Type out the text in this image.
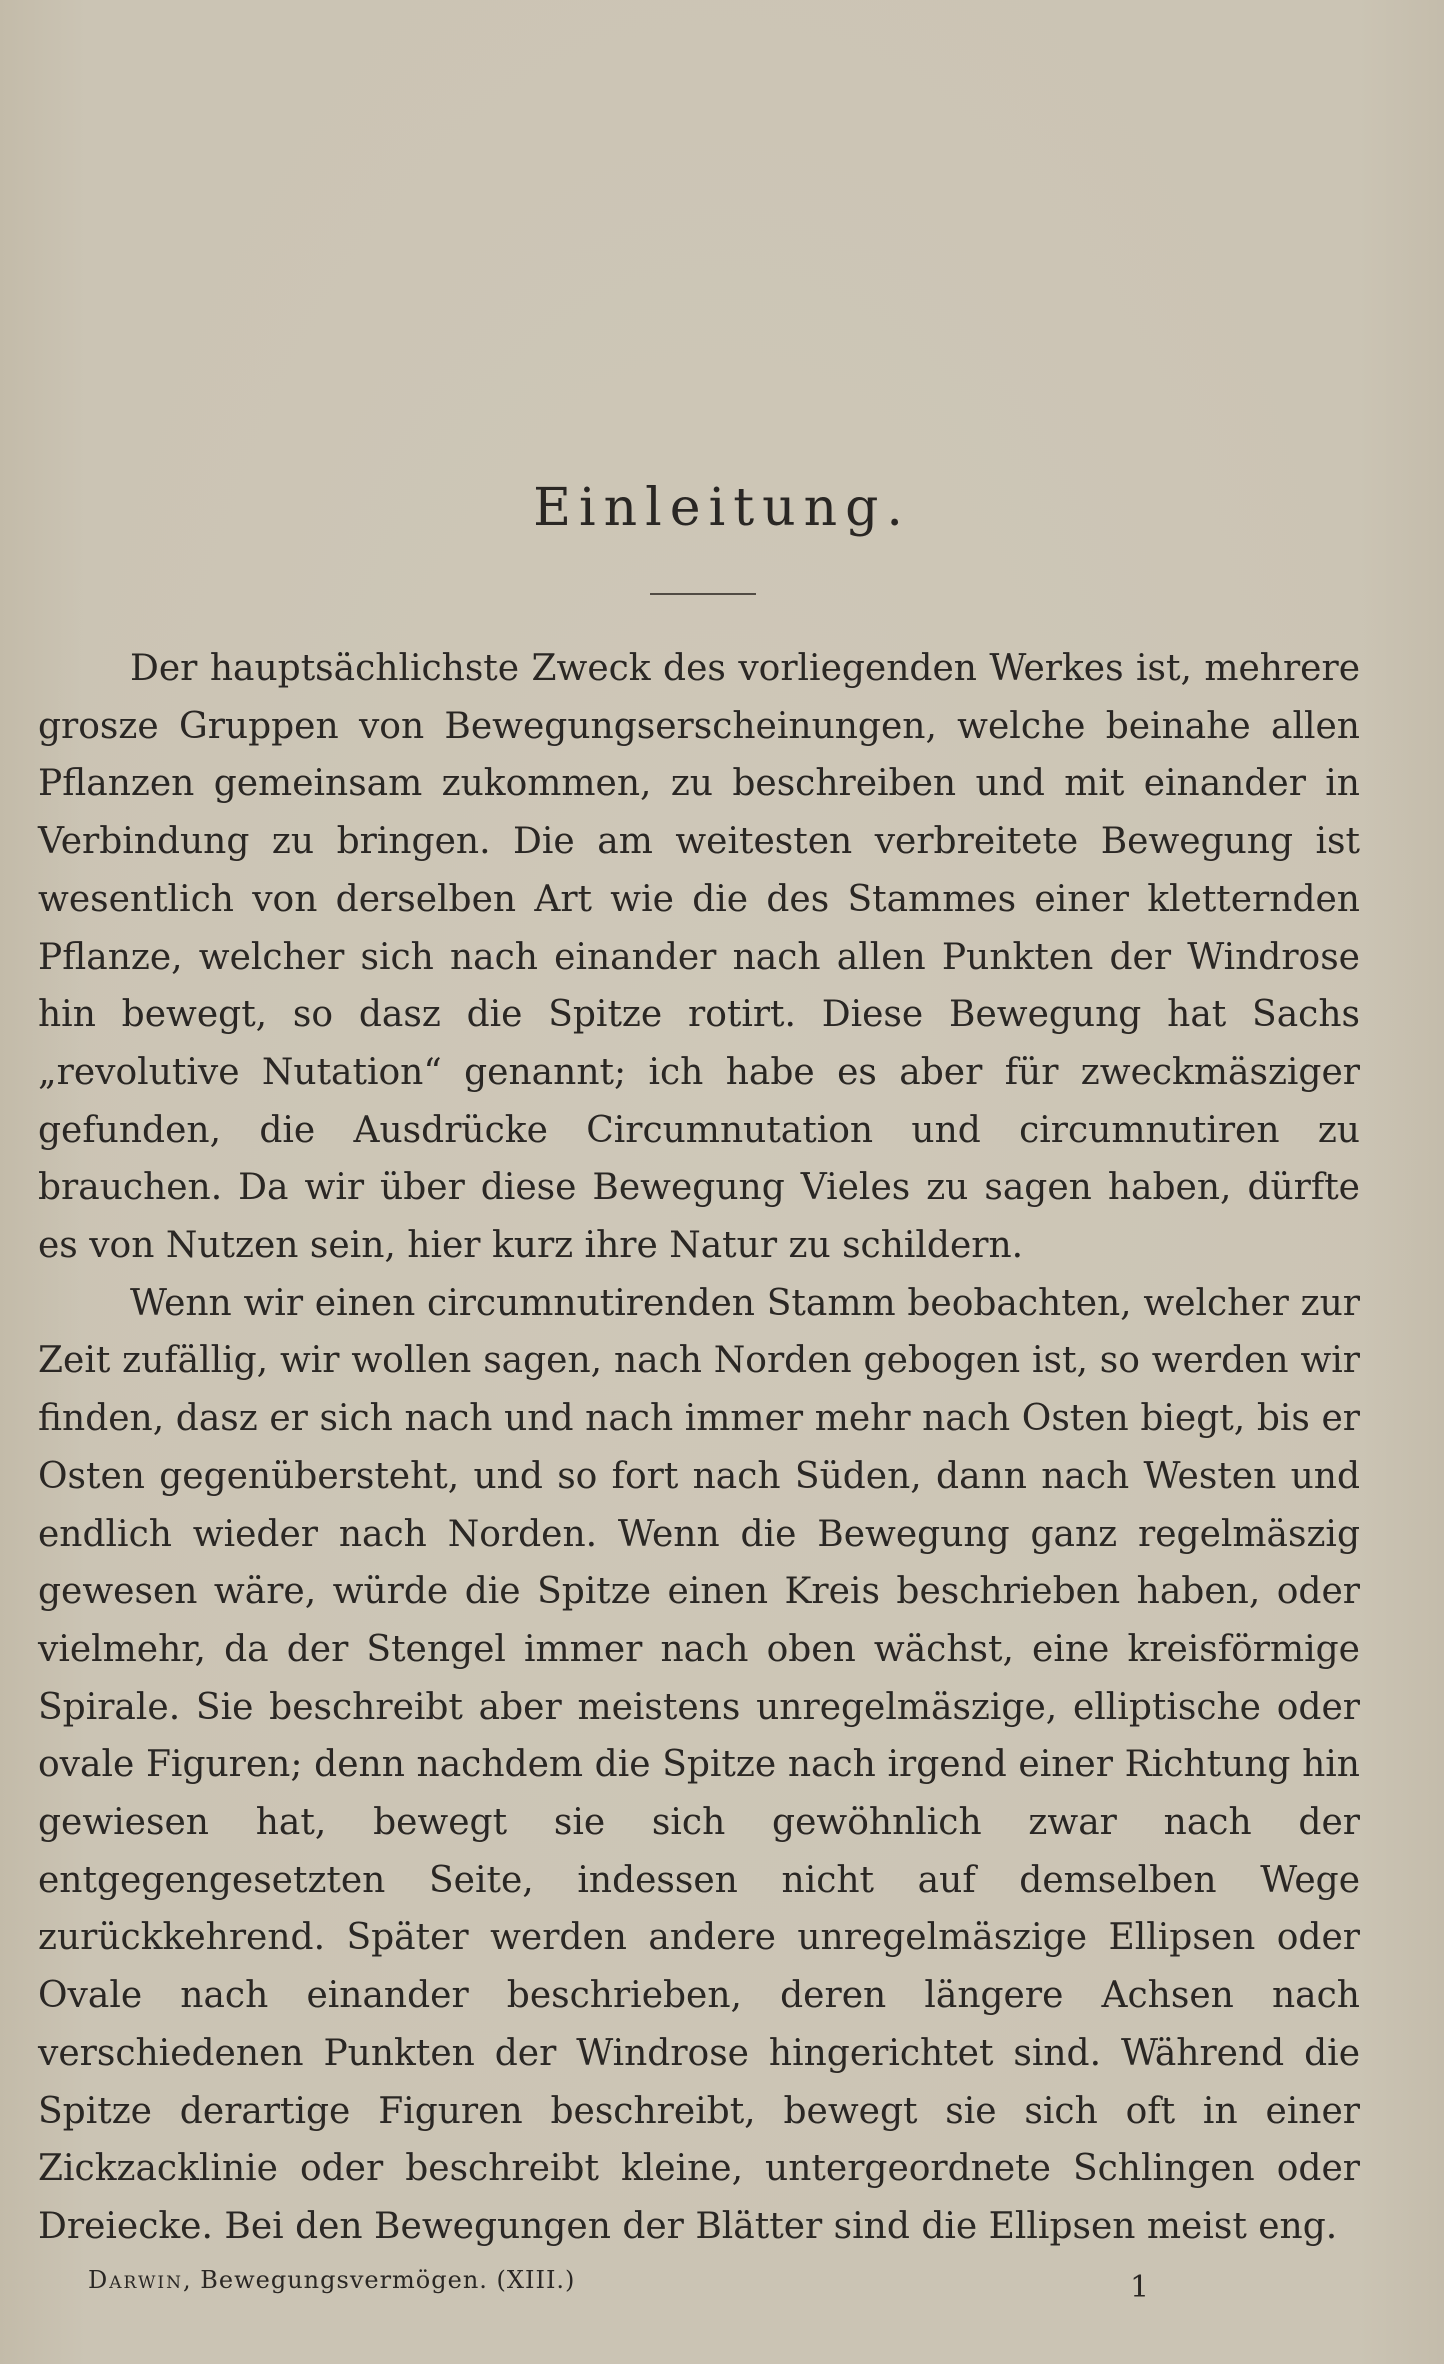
Einleitung.

Der hauptsächlichste Zweck des vorliegenden Werkes ist, mehrere grosze Gruppen von Bewegungserscheinungen, welche beinahe allen Pflanzen gemeinsam zukommen, zu beschreiben und mit einander in Verbindung zu bringen. Die am weitesten verbreitete Bewegung ist wesentlich von derselben Art wie die des Stammes einer kletternden Pflanze, welcher sich nach einander nach allen Punkten der Windrose hin bewegt, so dasz die Spitze rotirt. Diese Bewegung hat Sachs „revolutive Nutation“ genannt; ich habe es aber für zweckmäsziger gefunden, die Ausdrücke Circumnutation und circumnutiren zu brauchen. Da wir über diese Bewegung Vieles zu sagen haben, dürfte es von Nutzen sein, hier kurz ihre Natur zu schildern.

Wenn wir einen circumnutirenden Stamm beobachten, welcher zur Zeit zufällig, wir wollen sagen, nach Norden gebogen ist, so werden wir finden, dasz er sich nach und nach immer mehr nach Osten biegt, bis er Osten gegenübersteht, und so fort nach Süden, dann nach Westen und endlich wieder nach Norden. Wenn die Bewegung ganz regelmäszig gewesen wäre, würde die Spitze einen Kreis beschrieben haben, oder vielmehr, da der Stengel immer nach oben wächst, eine kreisförmige Spirale. Sie beschreibt aber meistens unregelmäszige, elliptische oder ovale Figuren; denn nachdem die Spitze nach irgend einer Richtung hin gewiesen hat, bewegt sie sich gewöhnlich zwar nach der entgegengesetzten Seite, indessen nicht auf demselben Wege zurückkehrend. Später werden andere unregelmäszige Ellipsen oder Ovale nach einander beschrieben, deren längere Achsen nach verschiedenen Punkten der Windrose hingerichtet sind. Während die Spitze derartige Figuren beschreibt, bewegt sie sich oft in einer Zickzacklinie oder beschreibt kleine, untergeordnete Schlingen oder Dreiecke. Bei den Bewegungen der Blätter sind die Ellipsen meist eng.

Darwin, Bewegungsvermögen. (XIII.)	1
